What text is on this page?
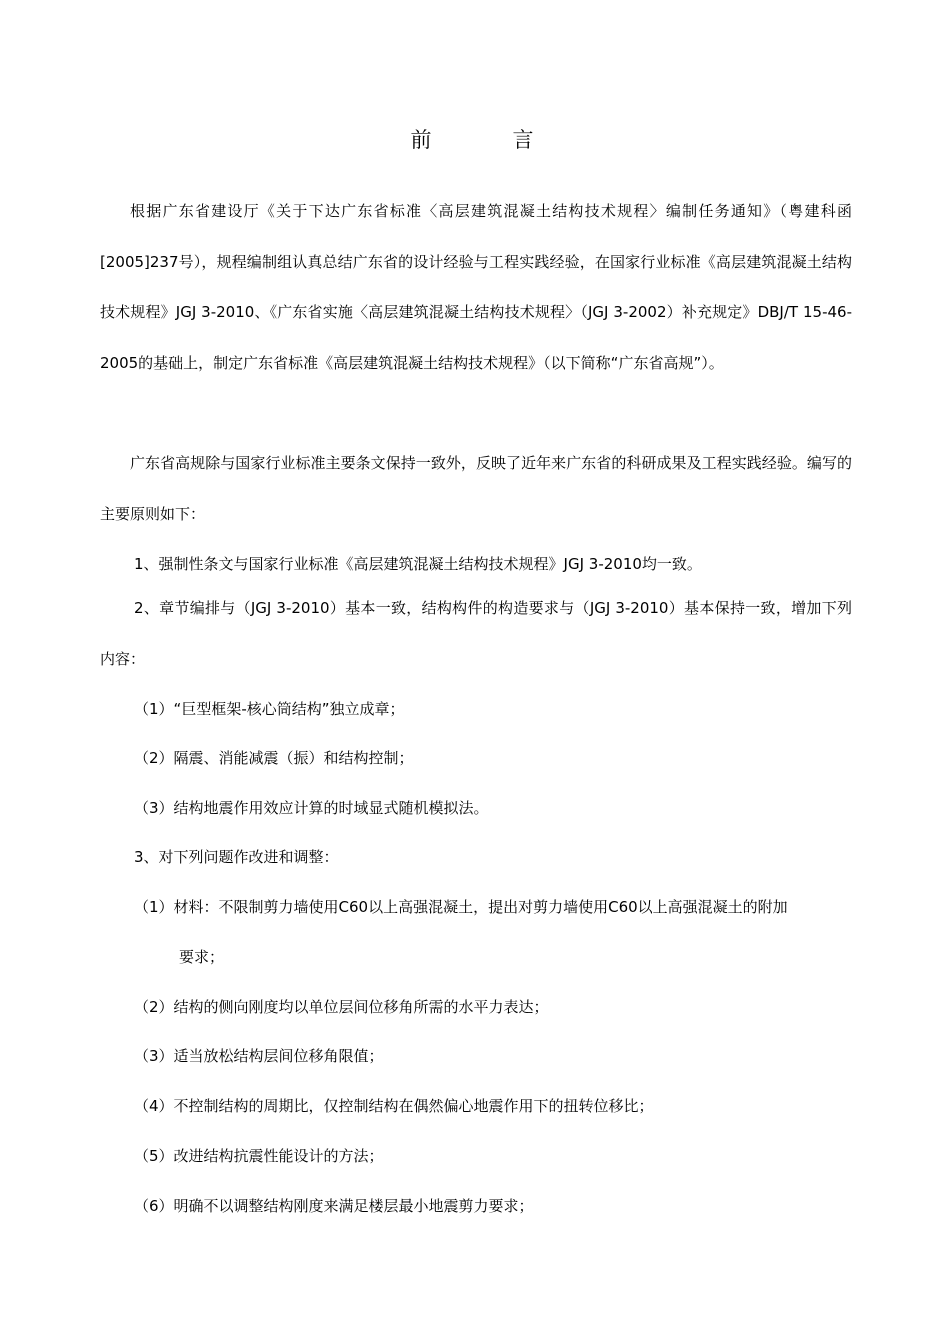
前　言

根据广东省建设厅《关于下达广东省标准〈高层建筑混凝土结构技术规程〉编制任务通知》（粤建科函[2005]237号），规程编制组认真总结广东省的设计经验与工程实践经验，在国家行业标准《高层建筑混凝土结构技术规程》JGJ 3-2010、《广东省实施〈高层建筑混凝土结构技术规程〉（JGJ 3-2002）补充规定》DBJ/T 15-46-2005的基础上，制定广东省标准《高层建筑混凝土结构技术规程》（以下简称“广东省高规”）。

广东省高规除与国家行业标准主要条文保持一致外，反映了近年来广东省的科研成果及工程实践经验。编写的主要原则如下：

1、强制性条文与国家行业标准《高层建筑混凝土结构技术规程》JGJ 3-2010均一致。

2、章节编排与（JGJ 3-2010）基本一致，结构构件的构造要求与（JGJ 3-2010）基本保持一致，增加下列内容：

（1）“巨型框架-核心筒结构”独立成章；

（2）隔震、消能减震（振）和结构控制；

（3）结构地震作用效应计算的时域显式随机模拟法。

3、对下列问题作改进和调整：

（1）材料：不限制剪力墙使用C60以上高强混凝土，提出对剪力墙使用C60以上高强混凝土的附加

要求；

（2）结构的侧向刚度均以单位层间位移角所需的水平力表达；

（3）适当放松结构层间位移角限值；

（4）不控制结构的周期比，仅控制结构在偶然偏心地震作用下的扭转位移比；

（5）改进结构抗震性能设计的方法；

（6）明确不以调整结构刚度来满足楼层最小地震剪力要求；
